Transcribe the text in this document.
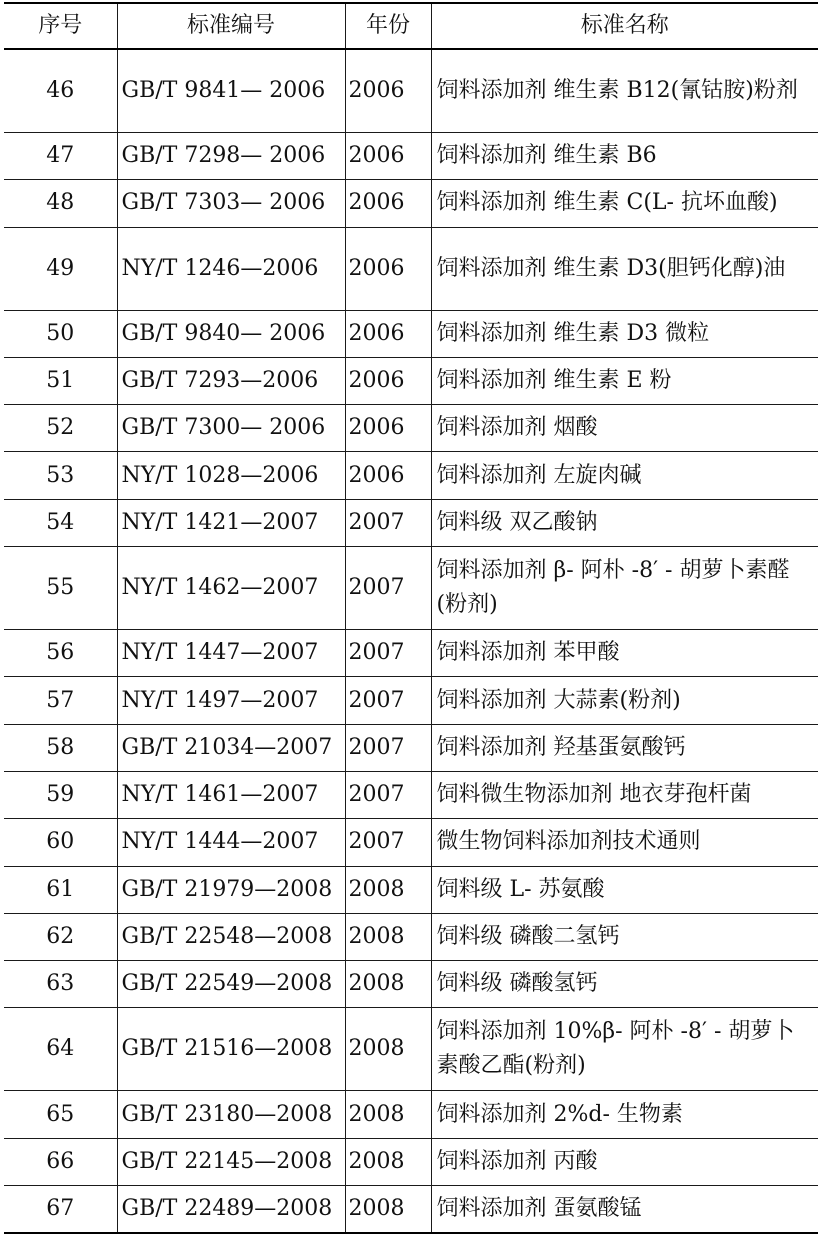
序号	标准编号	年份	标准名称
46	GB/T 9841— 2006	2006	饲料添加剂 维生素 B12(氰钴胺)粉剂
47	GB/T 7298— 2006	2006	饲料添加剂 维生素 B6
48	GB/T 7303— 2006	2006	饲料添加剂 维生素 C(L- 抗坏血酸)
49	NY/T 1246—2006	2006	饲料添加剂 维生素 D3(胆钙化醇)油
50	GB/T 9840— 2006	2006	饲料添加剂 维生素 D3 微粒
51	GB/T 7293—2006	2006	饲料添加剂 维生素 E 粉
52	GB/T 7300— 2006	2006	饲料添加剂 烟酸
53	NY/T 1028—2006	2006	饲料添加剂 左旋肉碱
54	NY/T 1421—2007	2007	饲料级 双乙酸钠
55	NY/T 1462—2007	2007	饲料添加剂 β- 阿朴 -8′ - 胡萝卜素醛(粉剂)
56	NY/T 1447—2007	2007	饲料添加剂 苯甲酸
57	NY/T 1497—2007	2007	饲料添加剂 大蒜素(粉剂)
58	GB/T 21034—2007	2007	饲料添加剂 羟基蛋氨酸钙
59	NY/T 1461—2007	2007	饲料微生物添加剂 地衣芽孢杆菌
60	NY/T 1444—2007	2007	微生物饲料添加剂技术通则
61	GB/T 21979—2008	2008	饲料级 L- 苏氨酸
62	GB/T 22548—2008	2008	饲料级 磷酸二氢钙
63	GB/T 22549—2008	2008	饲料级 磷酸氢钙
64	GB/T 21516—2008	2008	饲料添加剂 10%β- 阿朴 -8′ - 胡萝卜素酸乙酯(粉剂)
65	GB/T 23180—2008	2008	饲料添加剂 2%d- 生物素
66	GB/T 22145—2008	2008	饲料添加剂 丙酸
67	GB/T 22489—2008	2008	饲料添加剂 蛋氨酸锰
